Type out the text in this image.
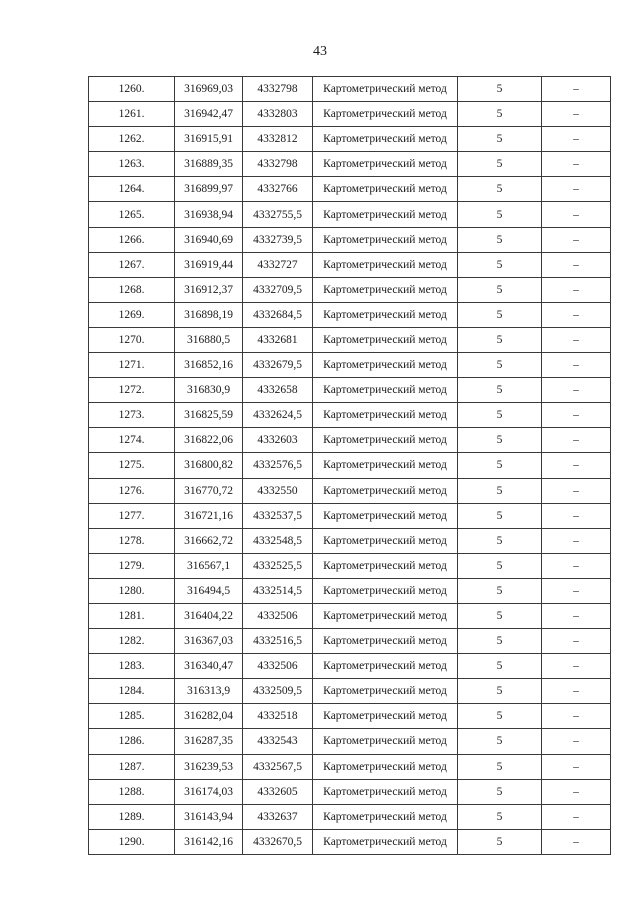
43
1260.	316969,03	4332798	Картометрический метод	5	–
1261.	316942,47	4332803	Картометрический метод	5	–
1262.	316915,91	4332812	Картометрический метод	5	–
1263.	316889,35	4332798	Картометрический метод	5	–
1264.	316899,97	4332766	Картометрический метод	5	–
1265.	316938,94	4332755,5	Картометрический метод	5	–
1266.	316940,69	4332739,5	Картометрический метод	5	–
1267.	316919,44	4332727	Картометрический метод	5	–
1268.	316912,37	4332709,5	Картометрический метод	5	–
1269.	316898,19	4332684,5	Картометрический метод	5	–
1270.	316880,5	4332681	Картометрический метод	5	–
1271.	316852,16	4332679,5	Картометрический метод	5	–
1272.	316830,9	4332658	Картометрический метод	5	–
1273.	316825,59	4332624,5	Картометрический метод	5	–
1274.	316822,06	4332603	Картометрический метод	5	–
1275.	316800,82	4332576,5	Картометрический метод	5	–
1276.	316770,72	4332550	Картометрический метод	5	–
1277.	316721,16	4332537,5	Картометрический метод	5	–
1278.	316662,72	4332548,5	Картометрический метод	5	–
1279.	316567,1	4332525,5	Картометрический метод	5	–
1280.	316494,5	4332514,5	Картометрический метод	5	–
1281.	316404,22	4332506	Картометрический метод	5	–
1282.	316367,03	4332516,5	Картометрический метод	5	–
1283.	316340,47	4332506	Картометрический метод	5	–
1284.	316313,9	4332509,5	Картометрический метод	5	–
1285.	316282,04	4332518	Картометрический метод	5	–
1286.	316287,35	4332543	Картометрический метод	5	–
1287.	316239,53	4332567,5	Картометрический метод	5	–
1288.	316174,03	4332605	Картометрический метод	5	–
1289.	316143,94	4332637	Картометрический метод	5	–
1290.	316142,16	4332670,5	Картометрический метод	5	–
